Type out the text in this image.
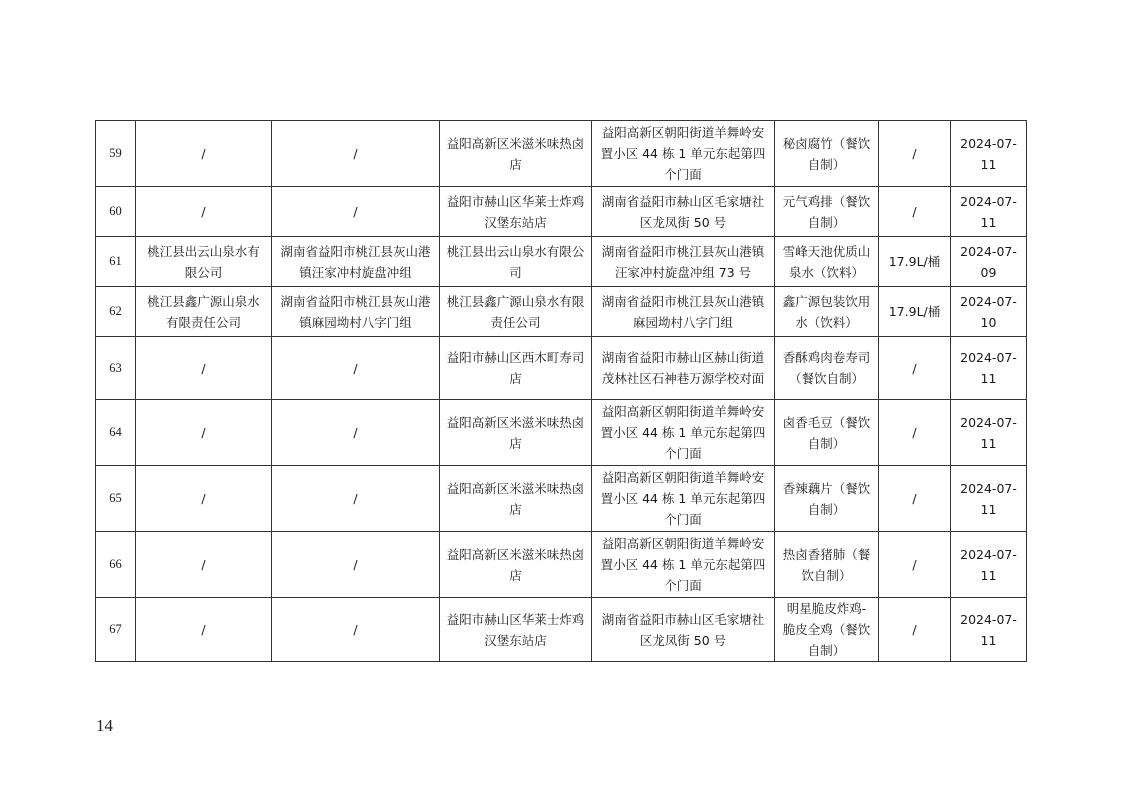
59	/	/	益阳高新区米滋米味热卤店	益阳高新区朝阳街道羊舞岭安置小区 44 栋 1 单元东起第四个门面	秘卤腐竹（餐饮自制）	/	2024-07-11
60	/	/	益阳市赫山区华莱士炸鸡汉堡东站店	湖南省益阳市赫山区毛家塘社区龙凤街 50 号	元气鸡排（餐饮自制）	/	2024-07-11
61	桃江县出云山泉水有限公司	湖南省益阳市桃江县灰山港镇汪家冲村旋盘冲组	桃江县出云山泉水有限公司	湖南省益阳市桃江县灰山港镇汪家冲村旋盘冲组 73 号	雪峰天池优质山泉水（饮料）	17.9L/桶	2024-07-09
62	桃江县鑫广源山泉水有限责任公司	湖南省益阳市桃江县灰山港镇麻园坳村八字门组	桃江县鑫广源山泉水有限责任公司	湖南省益阳市桃江县灰山港镇麻园坳村八字门组	鑫广源包装饮用水（饮料）	17.9L/桶	2024-07-10
63	/	/	益阳市赫山区西木町寿司店	湖南省益阳市赫山区赫山街道茂林社区石神巷万源学校对面	香酥鸡肉卷寿司（餐饮自制）	/	2024-07-11
64	/	/	益阳高新区米滋米味热卤店	益阳高新区朝阳街道羊舞岭安置小区 44 栋 1 单元东起第四个门面	卤香毛豆（餐饮自制）	/	2024-07-11
65	/	/	益阳高新区米滋米味热卤店	益阳高新区朝阳街道羊舞岭安置小区 44 栋 1 单元东起第四个门面	香辣藕片（餐饮自制）	/	2024-07-11
66	/	/	益阳高新区米滋米味热卤店	益阳高新区朝阳街道羊舞岭安置小区 44 栋 1 单元东起第四个门面	热卤香猪肺（餐饮自制）	/	2024-07-11
67	/	/	益阳市赫山区华莱士炸鸡汉堡东站店	湖南省益阳市赫山区毛家塘社区龙凤街 50 号	明星脆皮炸鸡-脆皮全鸡（餐饮自制）	/	2024-07-11
14
